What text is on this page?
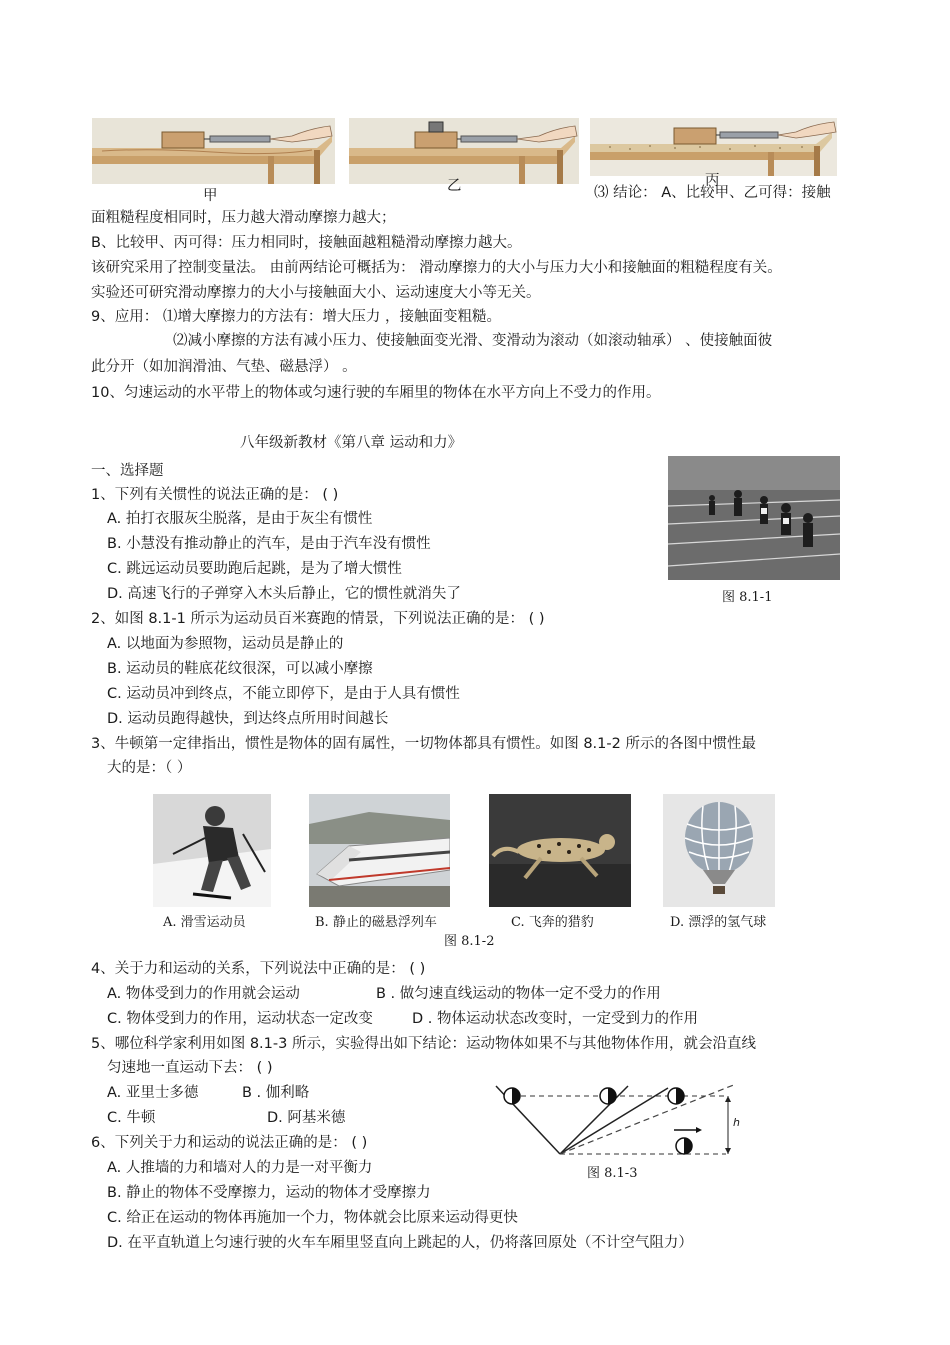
甲
乙	丙
⑶ 结论： A、比较甲、乙可得：接触
面粗糙程度相同时，压力越大滑动摩擦力越大；
B、比较甲、丙可得：压力相同时，接触面越粗糙滑动摩擦力越大。
该研究采用了控制变量法。 由前两结论可概括为： 滑动摩擦力的大小与压力大小和接触面的粗糙程度有关。
实验还可研究滑动摩擦力的大小与接触面大小、运动速度大小等无关。
9、应用： ⑴增大摩擦力的方法有：增大压力 ，接触面变粗糙。
⑵减小摩擦的方法有减小压力、使接触面变光滑、变滑动为滚动（如滚动轴承） 、使接触面彼
此分开（如加润滑油、气垫、磁悬浮） 。
10、匀速运动的水平带上的物体或匀速行驶的车厢里的物体在水平方向上不受力的作用。
八年级新教材《第八章 运动和力》
一、选择题
1、下列有关惯性的说法正确的是： ( )
A. 拍打衣服灰尘脱落，是由于灰尘有惯性
B. 小慧没有推动静止的汽车，是由于汽车没有惯性
C. 跳远运动员要助跑后起跳，是为了增大惯性
D. 高速飞行的子弹穿入木头后静止，它的惯性就消失了	图 8.1-1
2、如图 8.1-1 所示为运动员百米赛跑的情景，下列说法正确的是： ( )
A. 以地面为参照物，运动员是静止的
B. 运动员的鞋底花纹很深，可以减小摩擦
C. 运动员冲到终点，不能立即停下，是由于人具有惯性
D. 运动员跑得越快，到达终点所用时间越长
3、牛顿第一定律指出，惯性是物体的固有属性，一切物体都具有惯性。如图 8.1-2 所示的各图中惯性最
大的是：（ ）
A. 滑雪运动员	B. 静止的磁悬浮列车	C. 飞奔的猎豹	D. 漂浮的氢气球
图 8.1-2
4、关于力和运动的关系，下列说法中正确的是： ( )
A. 物体受到力的作用就会运动	B . 做匀速直线运动的物体一定不受力的作用
C. 物体受到力的作用，运动状态一定改变	D . 物体运动状态改变时，一定受到力的作用
5、哪位科学家利用如图 8.1-3 所示，实验得出如下结论：运动物体如果不与其他物体作用，就会沿直线
匀速地一直运动下去： ( )
A. 亚里士多德	B . 伽利略
C. 牛顿	D. 阿基米德	h
图 8.1-3
6、下列关于力和运动的说法正确的是： ( )
A. 人推墙的力和墙对人的力是一对平衡力
B. 静止的物体不受摩擦力，运动的物体才受摩擦力
C. 给正在运动的物体再施加一个力，物体就会比原来运动得更快
D. 在平直轨道上匀速行驶的火车车厢里竖直向上跳起的人，仍将落回原处（不计空气阻力）
